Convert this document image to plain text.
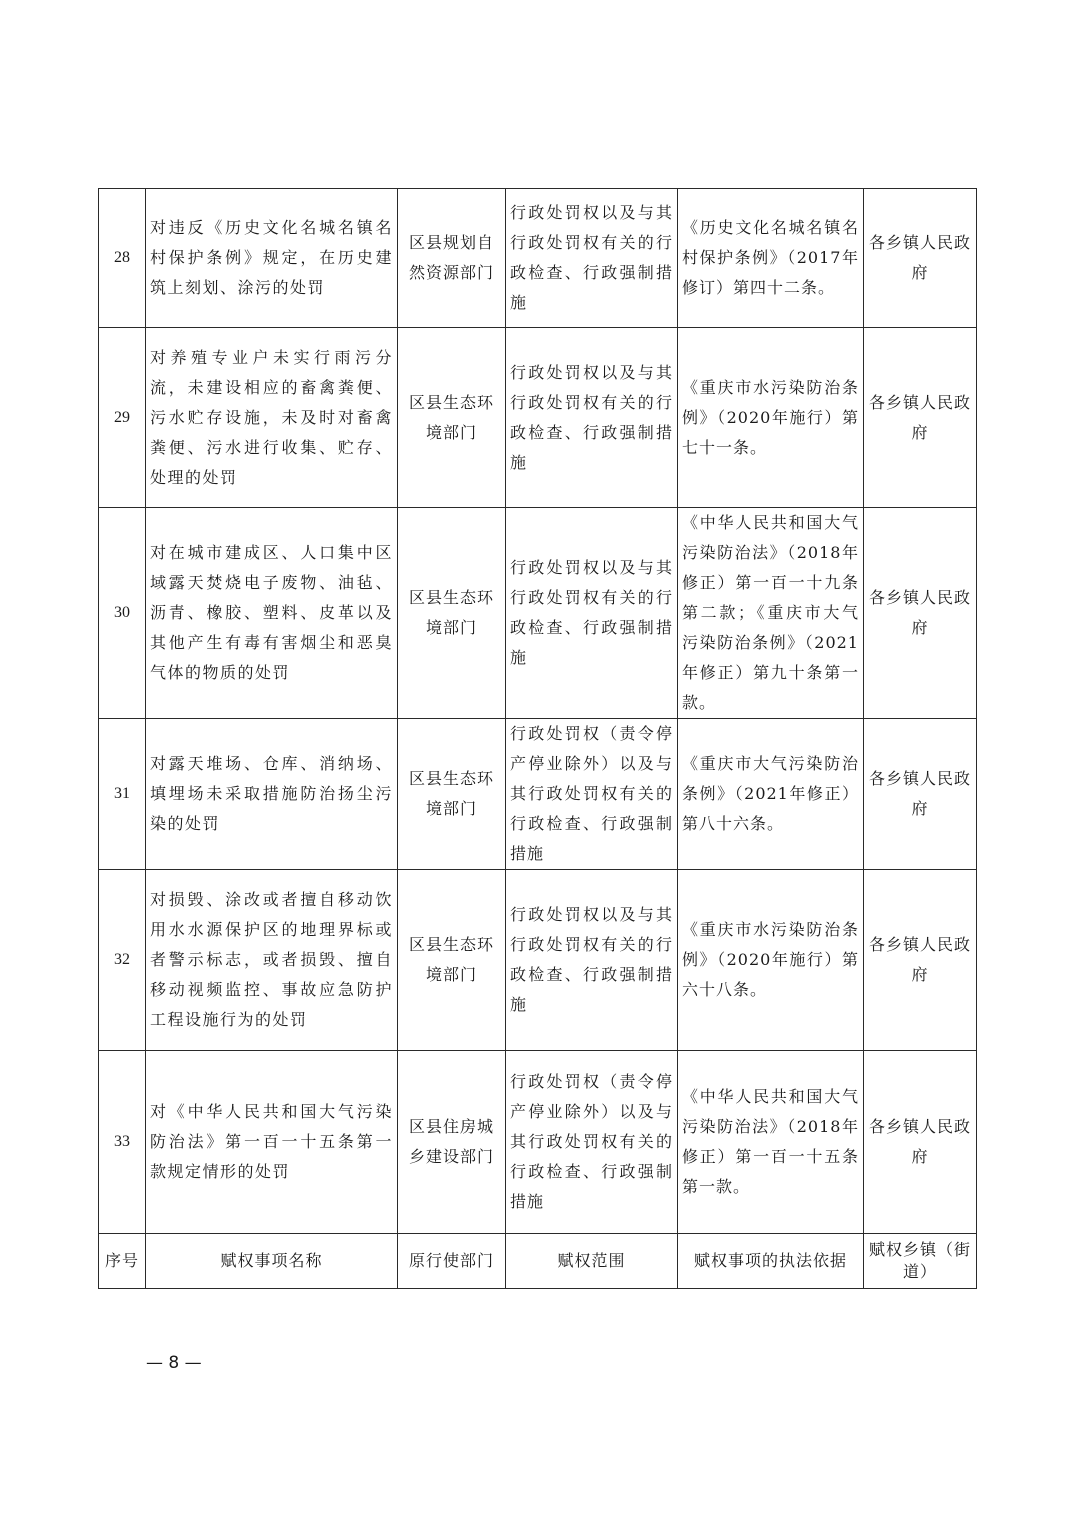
28	对违反《历史文化名城名镇名村保护条例》规定，在历史建筑上刻划、涂污的处罚	区县规划自然资源部门	行政处罚权以及与其行政处罚权有关的行政检查、行政强制措施	《历史文化名城名镇名村保护条例》（2017年修订）第四十二条。	各乡镇人民政府
29	对养殖专业户未实行雨污分流，未建设相应的畜禽粪便、污水贮存设施，未及时对畜禽粪便、污水进行收集、贮存、处理的处罚	区县生态环境部门	行政处罚权以及与其行政处罚权有关的行政检查、行政强制措施	《重庆市水污染防治条例》（2020年施行）第七十一条。	各乡镇人民政府
30	对在城市建成区、人口集中区域露天焚烧电子废物、油毡、沥青、橡胶、塑料、皮革以及其他产生有毒有害烟尘和恶臭气体的物质的处罚	区县生态环境部门	行政处罚权以及与其行政处罚权有关的行政检查、行政强制措施	《中华人民共和国大气污染防治法》（2018年修正）第一百一十九条第二款；《重庆市大气污染防治条例》（2021年修正）第九十条第一款。	各乡镇人民政府
31	对露天堆场、仓库、消纳场、填埋场未采取措施防治扬尘污染的处罚	区县生态环境部门	行政处罚权（责令停产停业除外）以及与其行政处罚权有关的行政检查、行政强制措施	《重庆市大气污染防治条例》（2021年修正）第八十六条。	各乡镇人民政府
32	对损毁、涂改或者擅自移动饮用水水源保护区的地理界标或者警示标志，或者损毁、擅自移动视频监控、事故应急防护工程设施行为的处罚	区县生态环境部门	行政处罚权以及与其行政处罚权有关的行政检查、行政强制措施	《重庆市水污染防治条例》（2020年施行）第六十八条。	各乡镇人民政府
33	对《中华人民共和国大气污染防治法》第一百一十五条第一款规定情形的处罚	区县住房城乡建设部门	行政处罚权（责令停产停业除外）以及与其行政处罚权有关的行政检查、行政强制措施	《中华人民共和国大气污染防治法》（2018年修正）第一百一十五条第一款。	各乡镇人民政府
序号	赋权事项名称	原行使部门	赋权范围	赋权事项的执法依据	赋权乡镇（街道）
— 8 —
